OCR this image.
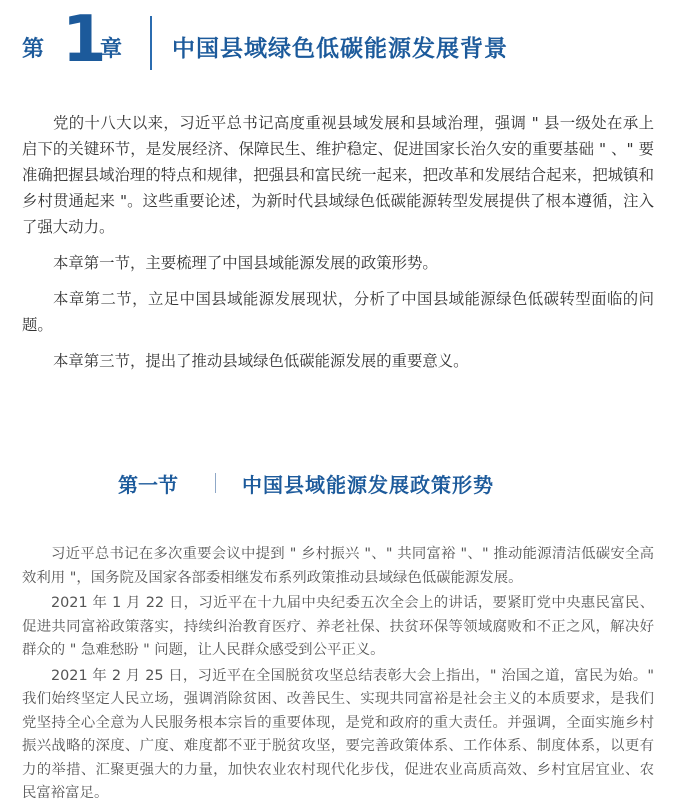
第 1
章 中国县域绿色低碳能源发展背景

党的十八大以来，习近平总书记高度重视县域发展和县域治理，强调 " 县一级处在承上启下的关键环节，是发展经济、保障民生、维护稳定、促进国家长治久安的重要基础 " 、" 要准确把握县域治理的特点和规律，把强县和富民统一起来，把改革和发展结合起来，把城镇和乡村贯通起来 "。这些重要论述，为新时代县域绿色低碳能源转型发展提供了根本遵循，注入了强大动力。

本章第一节，主要梳理了中国县域能源发展的政策形势。

本章第二节，立足中国县域能源发展现状，分析了中国县域能源绿色低碳转型面临的问题。

本章第三节，提出了推动县域绿色低碳能源发展的重要意义。

第一节	中国县域能源发展政策形势

习近平总书记在多次重要会议中提到 " 乡村振兴 "、" 共同富裕 "、" 推动能源清洁低碳安全高效利用 "，国务院及国家各部委相继发布系列政策推动县域绿色低碳能源发展。

2021 年 1 月 22 日，习近平在十九届中央纪委五次全会上的讲话，要紧盯党中央惠民富民、促进共同富裕政策落实，持续纠治教育医疗、养老社保、扶贫环保等领域腐败和不正之风，解决好群众的 " 急难愁盼 " 问题，让人民群众感受到公平正义。

2021 年 2 月 25 日，习近平在全国脱贫攻坚总结表彰大会上指出，" 治国之道，富民为始。" 我们始终坚定人民立场，强调消除贫困、改善民生、实现共同富裕是社会主义的本质要求，是我们党坚持全心全意为人民服务根本宗旨的重要体现，是党和政府的重大责任。并强调，全面实施乡村振兴战略的深度、广度、难度都不亚于脱贫攻坚，要完善政策体系、工作体系、制度体系，以更有力的举措、汇聚更强大的力量，加快农业农村现代化步伐，促进农业高质高效、乡村宜居宜业、农民富裕富足。
